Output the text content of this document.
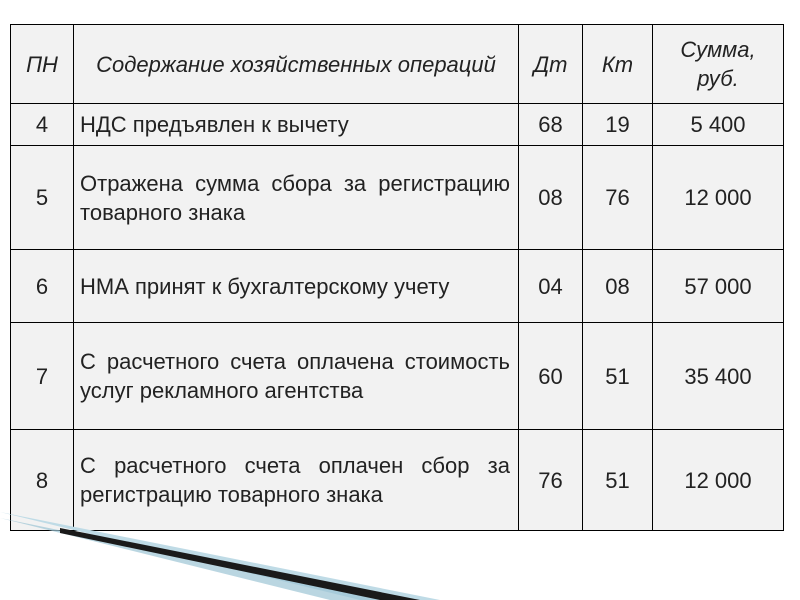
ПН	Содержание хозяйственных операций	Дт	Кт	Сумма, руб.
4	НДС предъявлен к вычету	68	19	5 400
5	Отражена сумма сбора за регистрацию товарного знака	08	76	12 000
6	НМА принят к бухгалтерскому учету	04	08	57 000
7	С расчетного счета оплачена стоимость услуг рекламного агентства	60	51	35 400
8	С расчетного счета оплачен сбор за регистрацию товарного знака	76	51	12 000
